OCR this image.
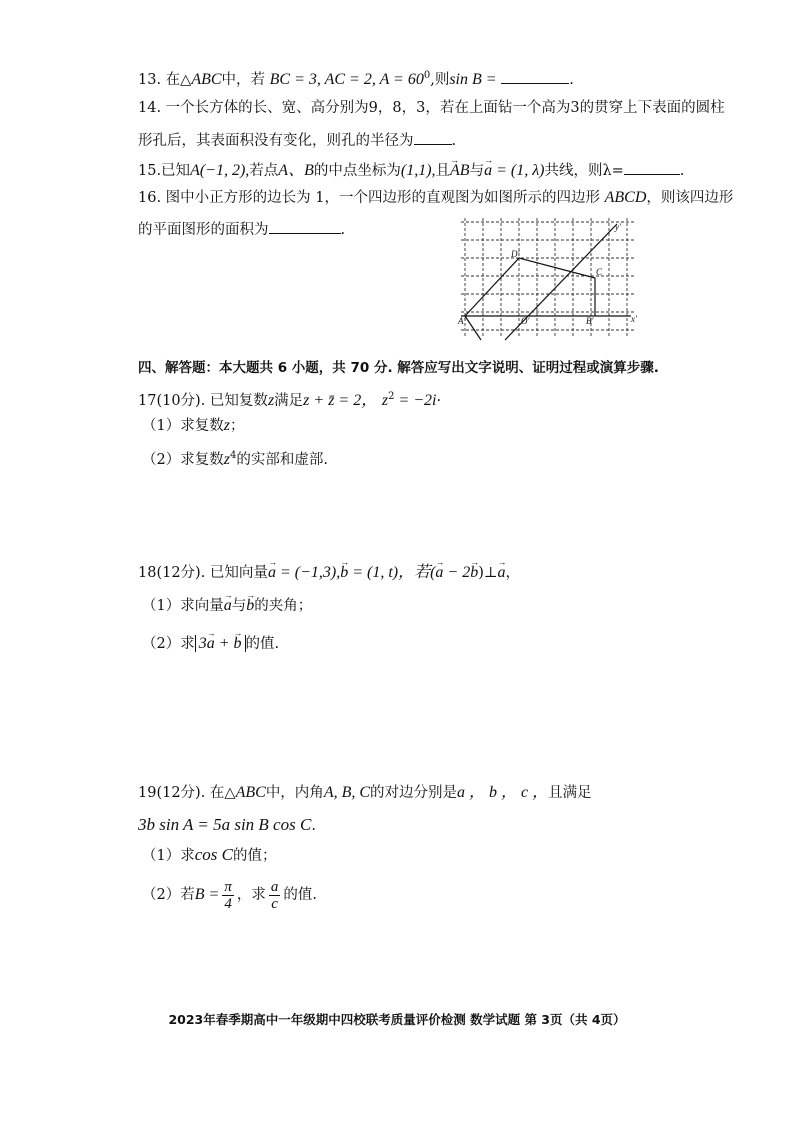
13. 在△ABC中，若 BC = 3, AC = 2, $A = 60^0$,则sin B =	.
14. 一个长方体的长、宽、高分别为9，8，3，若在上面钻一个高为3的贯穿上下表面的圆柱
形孔后，其表面积没有变化，则孔的半径为	.
15.已知A(−1, 2),若点A、B的中点坐标为(1,1),且→ AB与→ a = (1, λ)共线，则λ=	.
16. 图中小正方形的边长为 1，一个四边形的直观图为如图所示的四边形 ABCD，则该四边形
的平面图形的面积为	.
A'	B'
C
D'
O'	x'
y'
四、解答题：本大题共 6 小题，共 70 分. 解答应写出文字说明、证明过程或演算步骤.
17(10分). 已知复数z满足z + z̄ = 2， $z^2 = -2i\cdot$
（1）求复数z；
（2）求复数$z^4$的实部和虚部.
18(12分). 已知向量→ a = (−1,3),→ b = (1, t)，若(→ a − 2→ b)⊥→ a，
（1）求向量→ a与→ b的夹角；
（2）求 3→ a + → b 的值.
19(12分). 在△ABC中，内角A, B, C的对边分别是a ， b ， c ，且满足
3b sin A = 5a sin B cos C.
（1）求cos C的值；
（2）若$B = \frac{\pi}{4}$ ，求 $\frac{a}{c}$ 的值.
2023年春季期高中一年级期中四校联考质量评价检测 数学试题 第 3页（共 4页）
